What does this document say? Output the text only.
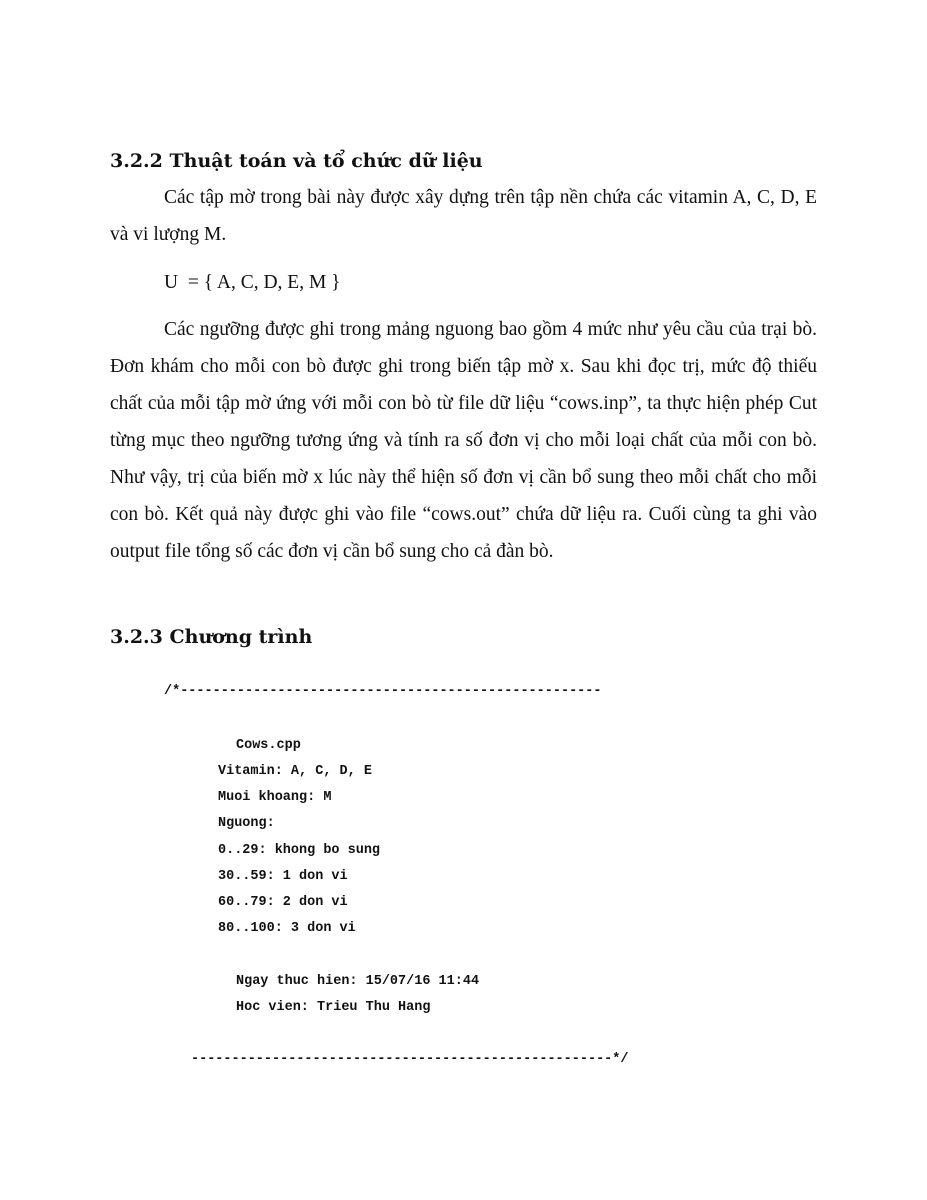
3.2.2 Thuật toán và tổ chức dữ liệu

Các tập mờ trong bài này được xây dựng trên tập nền chứa các vitamin A, C, D, E và vi lượng M.

U  = { A, C, D, E, M }

Các ngưỡng được ghi trong mảng nguong bao gồm 4 mức như yêu cầu của trại bò. Đơn khám cho mỗi con bò được ghi trong biến tập mờ x. Sau khi đọc trị, mức độ thiếu chất của mỗi tập mờ ứng với mỗi con bò từ file dữ liệu “cows.inp”, ta thực hiện phép Cut từng mục theo ngưỡng tương ứng và tính ra số đơn vị cho mỗi loại chất của mỗi con bò. Như vậy, trị của biến mờ x lúc này thể hiện số đơn vị cần bổ sung theo mỗi chất cho mỗi con bò. Kết quả này được ghi vào file “cows.out” chứa dữ liệu ra. Cuối cùng ta ghi vào output file tổng số các đơn vị cần bổ sung cho cả đàn bò.

3.2.3 Chương trình
/*----------------------------------------------------
Cows.cpp
Vitamin: A, C, D, E
Muoi khoang: M
Nguong:
0..29: khong bo sung
30..59: 1 don vi
60..79: 2 don vi
80..100: 3 don vi
Ngay thuc hien: 15/07/16 11:44
Hoc vien: Trieu Thu Hang
----------------------------------------------------*/
